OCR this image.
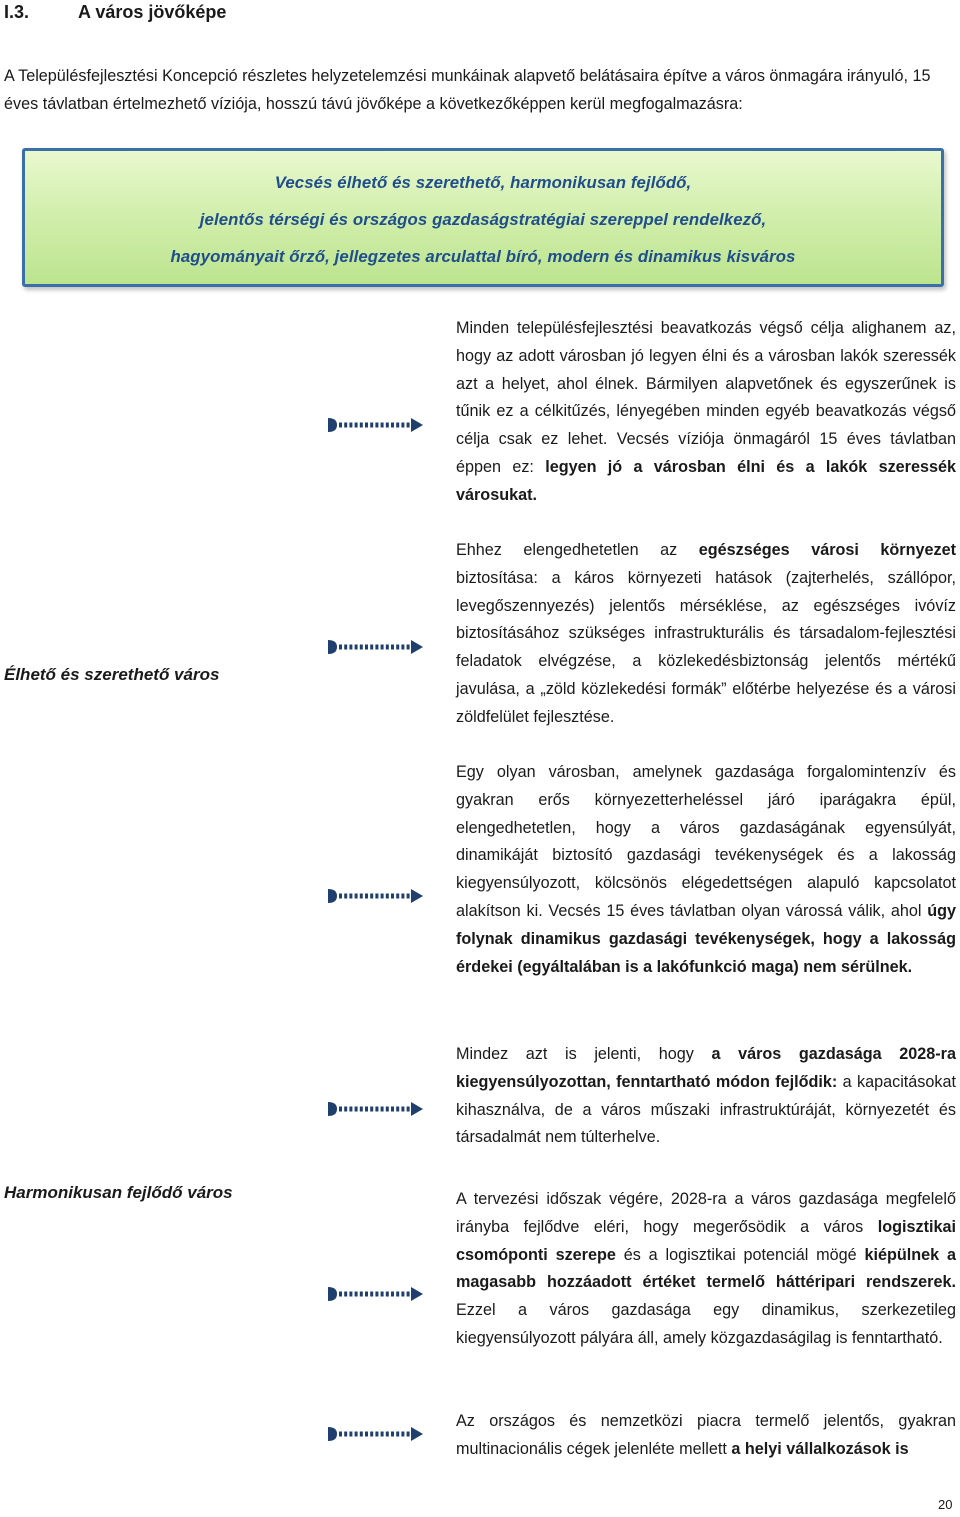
I.3.	A város jövőképe
A Településfejlesztési Koncepció részletes helyzetelemzési munkáinak alapvető belátásaira építve a város önmagára irányuló, 15 éves távlatban értelmezhető víziója, hosszú távú jövőképe a következőképpen kerül megfogalmazásra:
Vecsés élhető és szerethető, harmonikusan fejlődő,
jelentős térségi és országos gazdaságstratégiai szereppel rendelkező,
hagyományait őrző, jellegzetes arculattal bíró, modern és dinamikus kisváros
Élhető és szerethető város
Harmonikusan fejlődő város
Minden településfejlesztési beavatkozás végső célja alighanem az, hogy az adott városban jó legyen élni és a városban lakók szeressék azt a helyet, ahol élnek. Bármilyen alapvetőnek és egyszerűnek is tűnik ez a célkitűzés, lényegében minden egyéb beavatkozás végső célja csak ez lehet. Vecsés víziója önmagáról 15 éves távlatban éppen ez: legyen jó a városban élni és a lakók szeressék városukat.
Ehhez elengedhetetlen az egészséges városi környezet biztosítása: a káros környezeti hatások (zajterhelés, szállópor, levegőszennyezés) jelentős mérséklése, az egészséges ivóvíz biztosításához szükséges infrastrukturális és társadalom-fejlesztési feladatok elvégzése, a közlekedésbiztonság jelentős mértékű javulása, a „zöld közlekedési formák” előtérbe helyezése és a városi zöldfelület fejlesztése.
Egy olyan városban, amelynek gazdasága forgalomintenzív és gyakran erős környezetterheléssel járó iparágakra épül, elengedhetetlen, hogy a város gazdaságának egyensúlyát, dinamikáját biztosító gazdasági tevékenységek és a lakosság kiegyensúlyozott, kölcsönös elégedettségen alapuló kapcsolatot alakítson ki. Vecsés 15 éves távlatban olyan várossá válik, ahol úgy folynak dinamikus gazdasági tevékenységek, hogy a lakosság érdekei (egyáltalában is a lakófunkció maga) nem sérülnek.
Mindez azt is jelenti, hogy a város gazdasága 2028-ra kiegyensúlyozottan, fenntartható módon fejlődik: a kapacitásokat kihasználva, de a város műszaki infrastruktúráját, környezetét és társadalmát nem túlterhelve.
A tervezési időszak végére, 2028-ra a város gazdasága megfelelő irányba fejlődve eléri, hogy megerősödik a város logisztikai csomóponti szerepe és a logisztikai potenciál mögé kiépülnek a magasabb hozzáadott értéket termelő háttéripari rendszerek. Ezzel a város gazdasága egy dinamikus, szerkezetileg kiegyensúlyozott pályára áll, amely közgazdaságilag is fenntartható.
Az országos és nemzetközi piacra termelő jelentős, gyakran multinacionális cégek jelenléte mellett a helyi vállalkozások is
20
